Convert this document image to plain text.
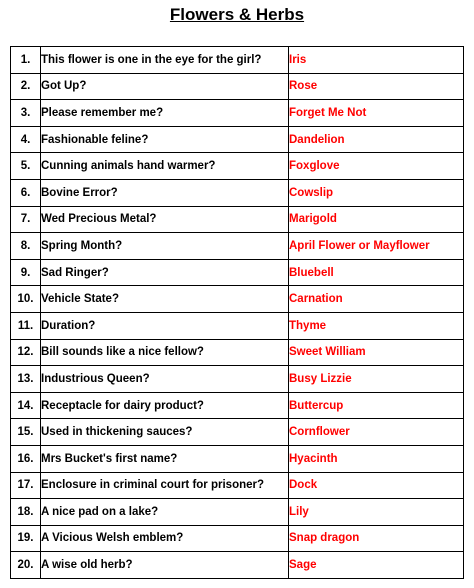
Flowers & Herbs
1.	This flower is one in the eye for the girl?	Iris
2.	Got Up?	Rose
3.	Please remember me?	Forget Me Not
4.	Fashionable feline?	Dandelion
5.	Cunning animals hand warmer?	Foxglove
6.	Bovine Error?	Cowslip
7.	Wed Precious Metal?	Marigold
8.	Spring Month?	April Flower or Mayflower
9.	Sad Ringer?	Bluebell
10.	Vehicle State?	Carnation
11.	Duration?	Thyme
12.	Bill sounds like a nice fellow?	Sweet William
13.	Industrious Queen?	Busy Lizzie
14.	Receptacle for dairy product?	Buttercup
15.	Used in thickening sauces?	Cornflower
16.	Mrs Bucket's first name?	Hyacinth
17.	Enclosure in criminal court for prisoner?	Dock
18.	A nice pad on a lake?	Lily
19.	A Vicious Welsh emblem?	Snap dragon
20.	A wise old herb?	Sage
